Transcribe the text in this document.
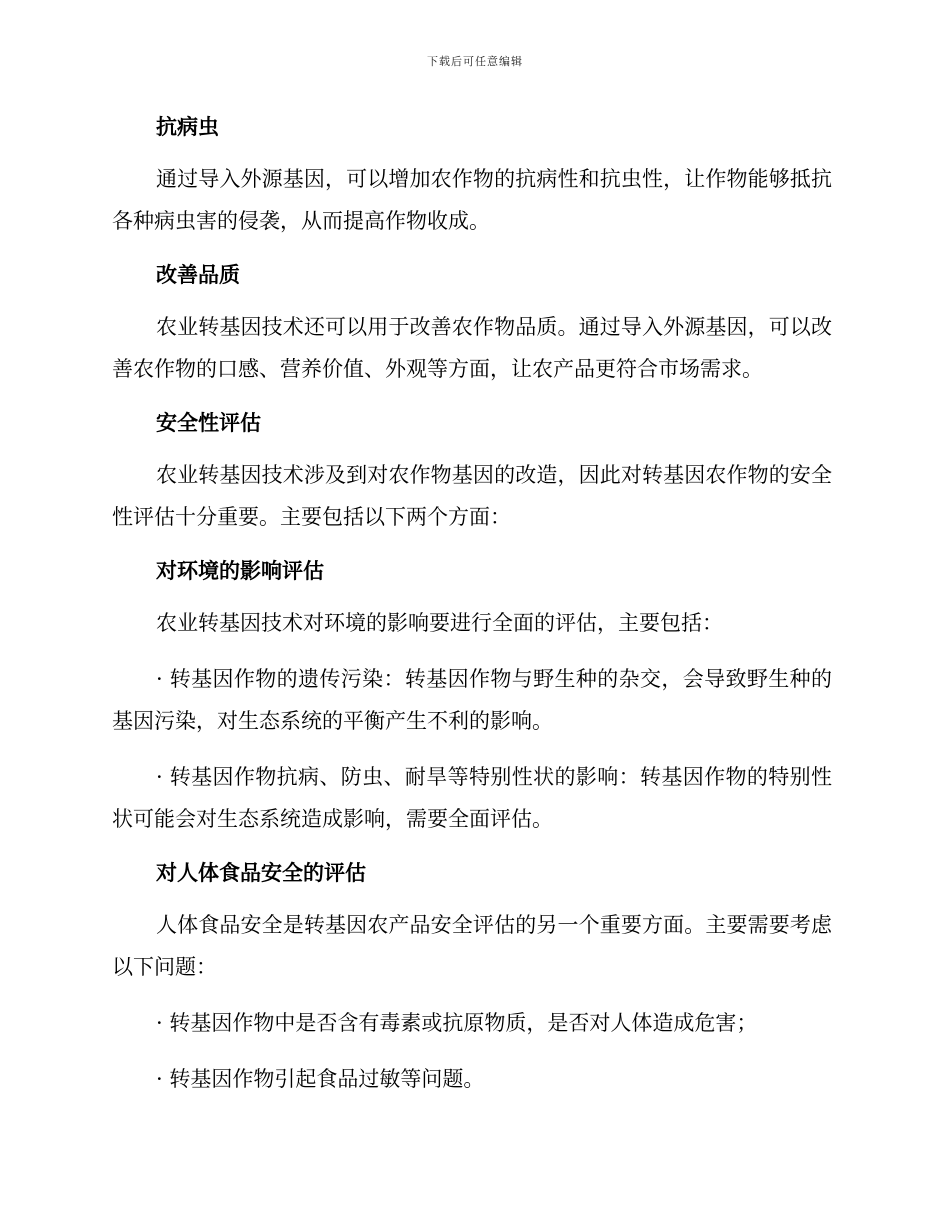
下载后可任意编辑
抗病虫

通过导入外源基因，可以增加农作物的抗病性和抗虫性，让作物能够抵抗各种病虫害的侵袭，从而提高作物收成。

改善品质

农业转基因技术还可以用于改善农作物品质。通过导入外源基因，可以改善农作物的口感、营养价值、外观等方面，让农产品更符合市场需求。

安全性评估

农业转基因技术涉及到对农作物基因的改造，因此对转基因农作物的安全性评估十分重要。主要包括以下两个方面：

对环境的影响评估

农业转基因技术对环境的影响要进行全面的评估，主要包括：

· 转基因作物的遗传污染：转基因作物与野生种的杂交，会导致野生种的基因污染，对生态系统的平衡产生不利的影响。

· 转基因作物抗病、防虫、耐旱等特别性状的影响：转基因作物的特别性状可能会对生态系统造成影响，需要全面评估。

对人体食品安全的评估

人体食品安全是转基因农产品安全评估的另一个重要方面。主要需要考虑以下问题：

· 转基因作物中是否含有毒素或抗原物质，是否对人体造成危害；

· 转基因作物引起食品过敏等问题。
